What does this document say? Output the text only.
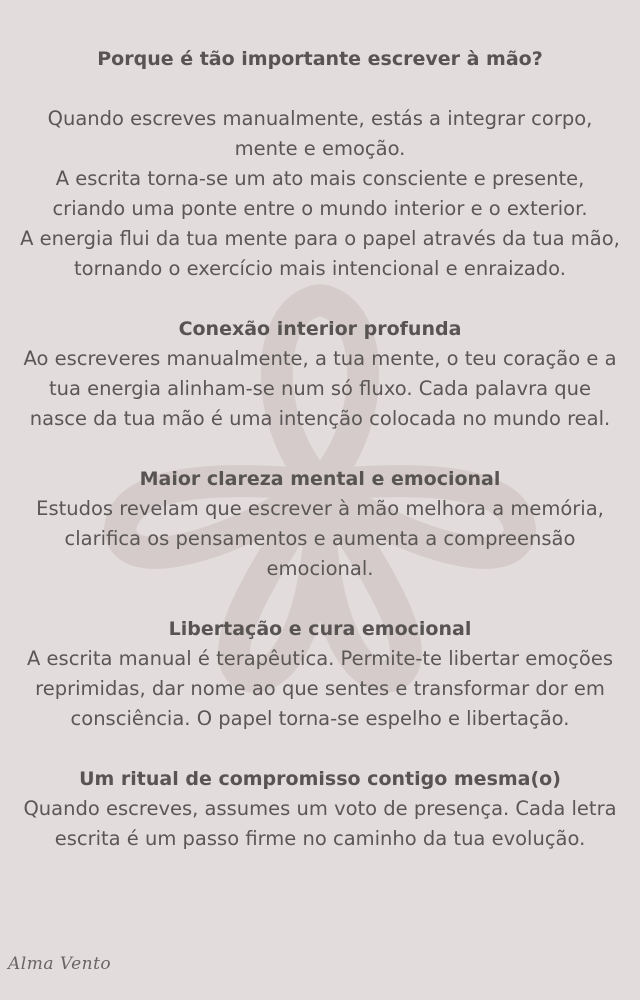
Porque é tão importante escrever à mão?

Quando escreves manualmente, estás a integrar corpo, mente e emoção.

A escrita torna-se um ato mais consciente e presente, criando uma ponte entre o mundo interior e o exterior.

A energia flui da tua mente para o papel através da tua mão, tornando o exercício mais intencional e enraizado.

Conexão interior profunda
Ao escreveres manualmente, a tua mente, o teu coração e a tua energia alinham-se num só fluxo. Cada palavra que nasce da tua mão é uma intenção colocada no mundo real.
Maior clareza mental e emocional
Estudos revelam que escrever à mão melhora a memória, clarifica os pensamentos e aumenta a compreensão emocional.
Libertação e cura emocional
A escrita manual é terapêutica. Permite-te libertar emoções reprimidas, dar nome ao que sentes e transformar dor em consciência. O papel torna-se espelho e libertação.
Um ritual de compromisso contigo mesma(o)
Quando escreves, assumes um voto de presença. Cada letra escrita é um passo firme no caminho da tua evolução.
Alma Vento
